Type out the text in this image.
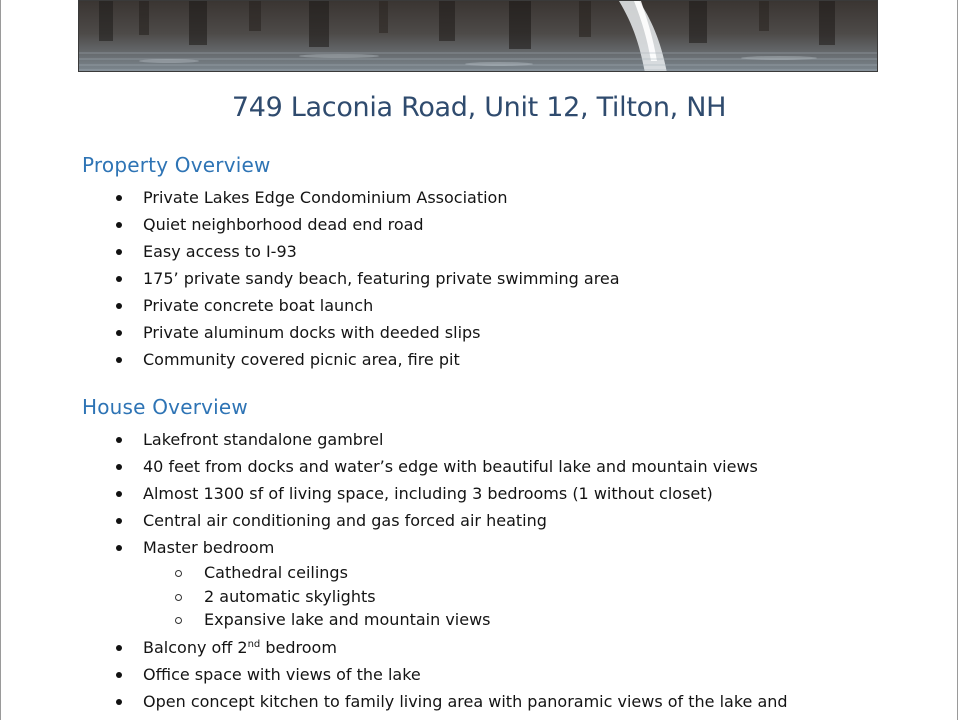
749 Laconia Road, Unit 12, Tilton, NH
Property Overview
Private Lakes Edge Condominium Association
Quiet neighborhood dead end road
Easy access to I-93
175’ private sandy beach, featuring private swimming area
Private concrete boat launch
Private aluminum docks with deeded slips
Community covered picnic area, fire pit
House Overview
Lakefront standalone gambrel
40 feet from docks and water’s edge with beautiful lake and mountain views
Almost 1300 sf of living space, including 3 bedrooms (1 without closet)
Central air conditioning and gas forced air heating
Master bedroom
Cathedral ceilings
2 automatic skylights
Expansive lake and mountain views
Balcony off 2nd bedroom
Office space with views of the lake
Open concept kitchen to family living area with panoramic views of the lake and
